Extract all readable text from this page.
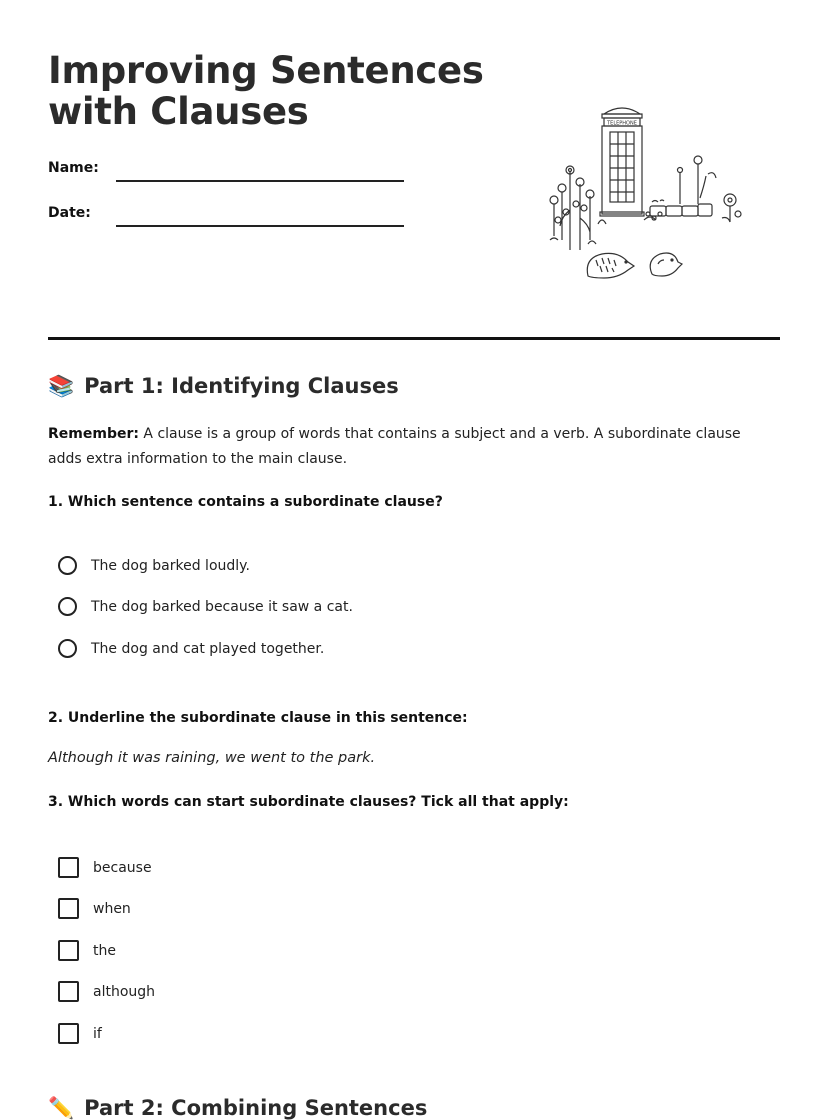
Improving Sentences
with Clauses
Name:
Date:
TELEPHONE
📚 Part 1: Identifying Clauses
Remember: A clause is a group of words that contains a subject and a verb. A subordinate clause adds extra information to the main clause.
1. Which sentence contains a subordinate clause?
The dog barked loudly.
The dog barked because it saw a cat.
The dog and cat played together.
2. Underline the subordinate clause in this sentence:
Although it was raining, we went to the park.
3. Which words can start subordinate clauses? Tick all that apply:
because
when
the
although
if
✏️ Part 2: Combining Sentences
